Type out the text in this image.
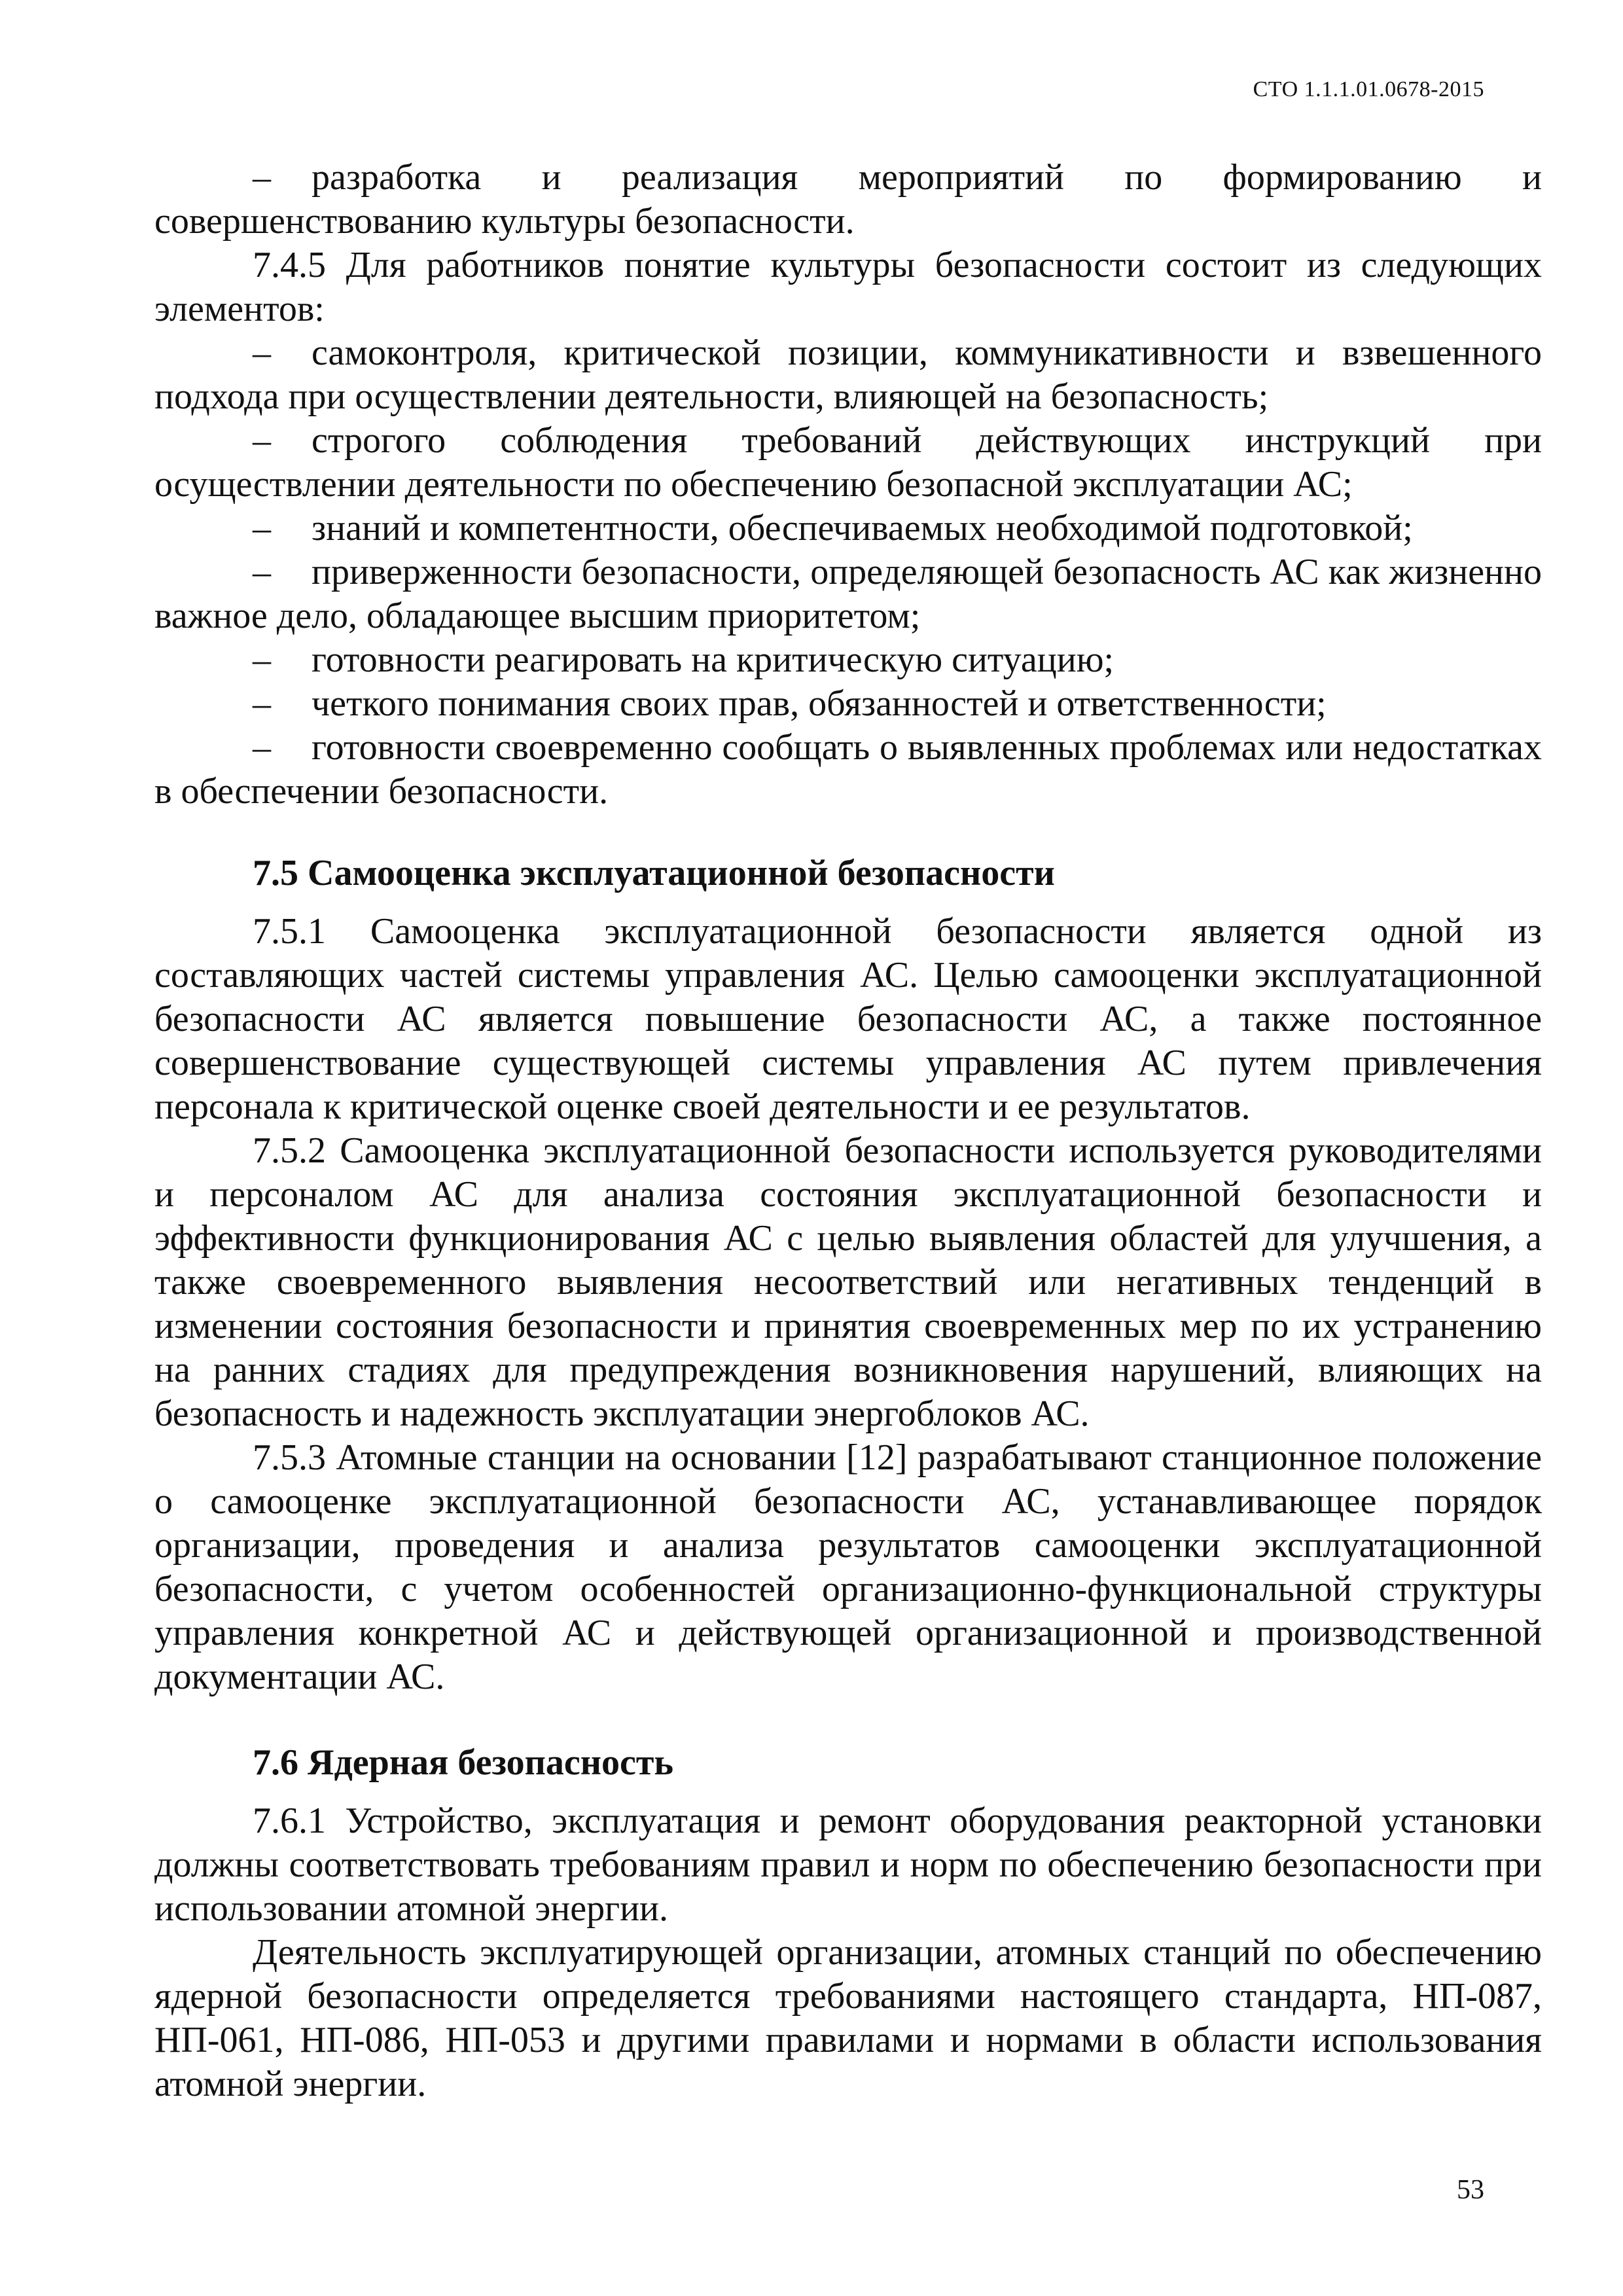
СТО 1.1.1.01.0678-2015

– разработка и реализация мероприятий по формированию и совершенствованию культуры безопасности.

7.4.5 Для работников понятие культуры безопасности состоит из следующих элементов:

– самоконтроля, критической позиции, коммуникативности и взвешенного подхода при осуществлении деятельности, влияющей на безопасность;

– строгого соблюдения требований действующих инструкций при осуществлении деятельности по обеспечению безопасной эксплуатации АС;

– знаний и компетентности, обеспечиваемых необходимой подготовкой;

– приверженности безопасности, определяющей безопасность АС как жизненно важное дело, обладающее высшим приоритетом;

– готовности реагировать на критическую ситуацию;

– четкого понимания своих прав, обязанностей и ответственности;

– готовности своевременно сообщать о выявленных проблемах или недостатках в обеспечении безопасности.

7.5 Самооценка эксплуатационной безопасности

7.5.1 Самооценка эксплуатационной безопасности является одной из составляющих частей системы управления АС. Целью самооценки эксплуатационной безопасности АС является повышение безопасности АС, а также постоянное совершенствование существующей системы управления АС путем привлечения персонала к критической оценке своей деятельности и ее результатов.

7.5.2 Самооценка эксплуатационной безопасности используется руководителями и персоналом АС для анализа состояния эксплуатационной безопасности и эффективности функционирования АС с целью выявления областей для улучшения, а также своевременного выявления несоответствий или негативных тенденций в изменении состояния безопасности и принятия своевременных мер по их устранению на ранних стадиях для предупреждения возникновения нарушений, влияющих на безопасность и надежность эксплуатации энергоблоков АС.

7.5.3 Атомные станции на основании [12] разрабатывают станционное положение о самооценке эксплуатационной безопасности АС, устанавливающее порядок организации, проведения и анализа результатов самооценки эксплуатационной безопасности, с учетом особенностей организационно-функциональной структуры управления конкретной АС и действующей организационной и производственной документации АС.

7.6 Ядерная безопасность

7.6.1 Устройство, эксплуатация и ремонт оборудования реакторной установки должны соответствовать требованиям правил и норм по обеспечению безопасности при использовании атомной энергии.

Деятельность эксплуатирующей организации, атомных станций по обеспечению ядерной безопасности определяется требованиями настоящего стандарта, НП-087, НП-061, НП-086, НП-053 и другими правилами и нормами в области использования атомной энергии.

53
